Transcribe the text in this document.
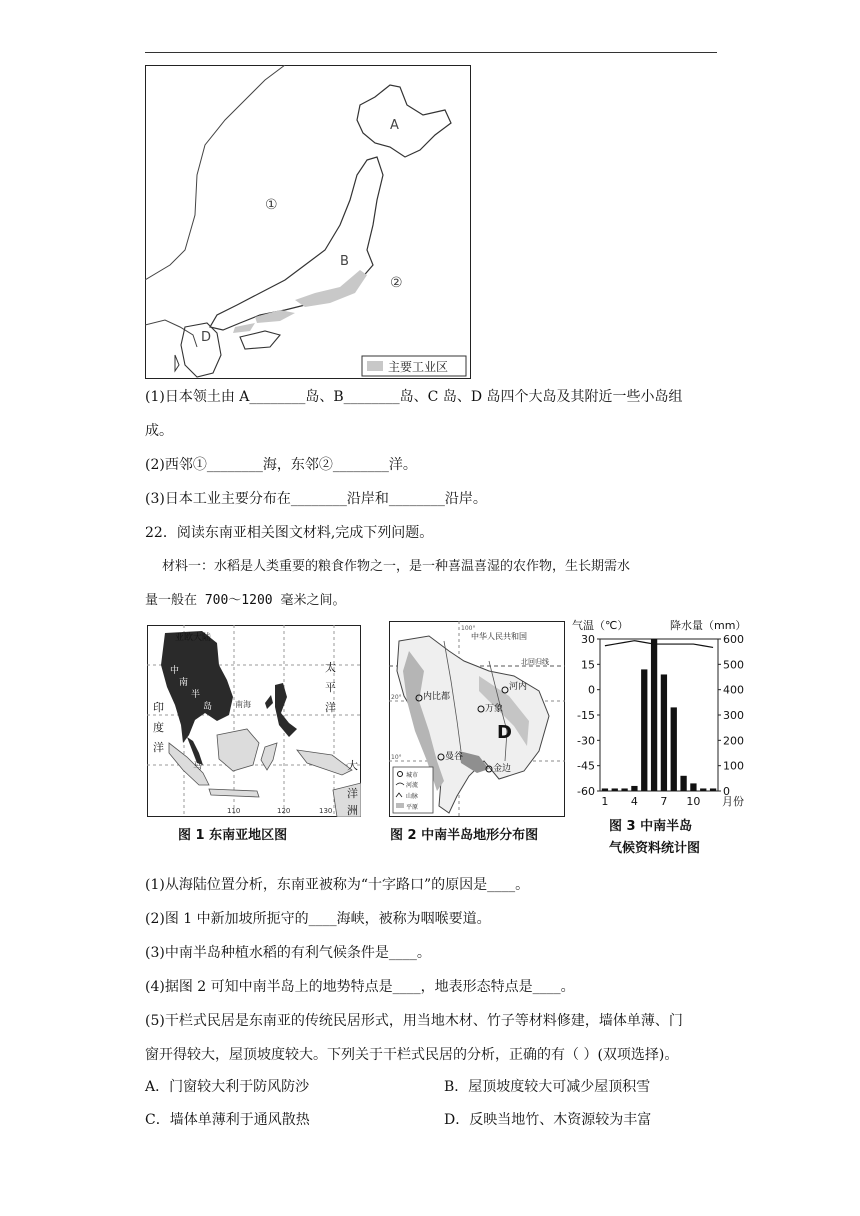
主要工业区
A
B
D
①
②
(1)日本领土由 A________岛、B________岛、C 岛、D 岛四个大岛及其附近一些小岛组
成。
(2)西邻①________海，东邻②________洋。
(3)日本工业主要分布在________沿岸和________沿岸。
22．阅读东南亚相关图文材料,完成下列问题。
材料一：水稻是人类重要的粮食作物之一，是一种喜温喜湿的农作物，生长期需水
量一般在 700～1200 毫米之间。
亚欧大陆
中
南
半
岛
太
平
洋
印
度
洋
南海
马	大
洋
洲
110	120	130
图 1 东南亚地区图
中华人民共和国
北回归线
内比都
河内
万象
曼谷
金边
D
100°
20°
10°
城市
河流
山脉
平原
图 2 中南半岛地形分布图
气温（℃）	降水量（mm）
30
15
0
-15
-30
-45
-60
600
500
400
300
200
100
0
1 4 7 10 月份
图 3 中南半岛
气候资料统计图
(1)从海陆位置分析，东南亚被称为“十字路口”的原因是____。
(2)图 1 中新加坡所扼守的____海峡，被称为咽喉要道。
(3)中南半岛种植水稻的有利气候条件是____。
(4)据图 2 可知中南半岛上的地势特点是____，地表形态特点是____。
(5)干栏式民居是东南亚的传统民居形式，用当地木材、竹子等材料修建，墙体单薄、门
窗开得较大，屋顶坡度较大。下列关于干栏式民居的分析，正确的有（ ）(双项选择)。
A．门窗较大利于防风防沙	B．屋顶坡度较大可减少屋顶积雪
C．墙体单薄利于通风散热	D．反映当地竹、木资源较为丰富
